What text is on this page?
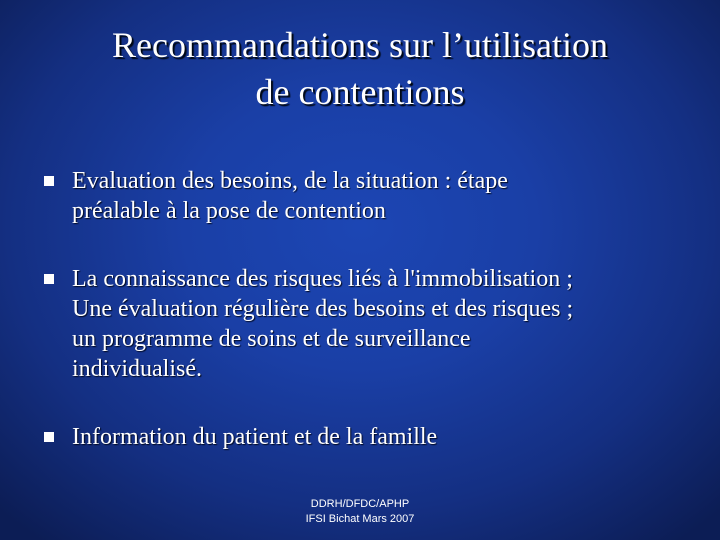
Recommandations sur l’utilisation
de contentions
Evaluation des besoins, de la situation : étape
préalable à la pose de contention
La connaissance des risques liés à l'immobilisation ;
Une évaluation régulière des besoins et des risques ;
un programme de soins et de surveillance
individualisé.
Information du patient et de la famille
DDRH/DFDC/APHP
IFSI Bichat Mars 2007
